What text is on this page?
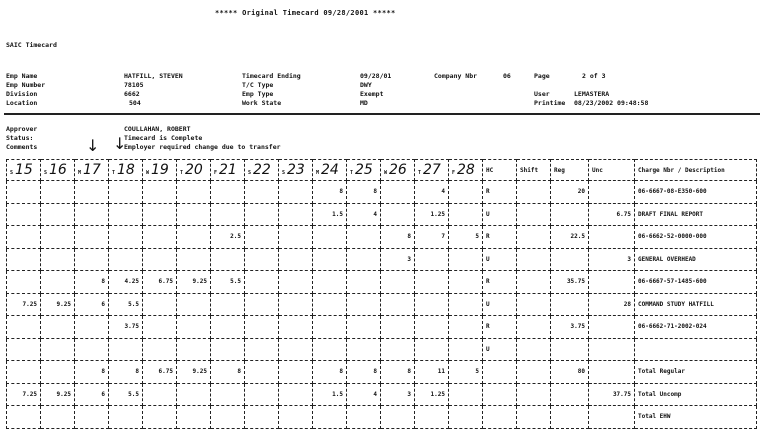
***** Original Timecard 09/28/2001 *****
SAIC Timecard
Emp Name	HATFILL, STEVEN
Emp Number	78105
Division	6662
Location	504
Timecard Ending	09/28/01
T/C Type	DWY
Emp Type	Exempt
Work State	MD
Company Nbr	06	Page	2 of 3
User	LEMASTERA
Printime 08/23/2002 09:48:58
Approver	COULLAHAN, ROBERT
Status:	Timecard is Complete
Comments	Employer required change due to transfer
↓ ↓
S 15	S 16	M 17	T 18	W 19	T 20	F 21	S 22	S 23	M 24	T 25	W 26	T 27	F 28	HC	Shift	Reg	Unc	Charge Nbr / Description
									8	8		4		R		20		06-6667-08-E350-600
									1.5	4		1.25		U			6.75	DRAFT FINAL REPORT
						2.5					8	7	5	R		22.5		06-6662-52-0000-000
											3			U			3	GENERAL OVERHEAD
		8	4.25	6.75	9.25	5.5								R		35.75		06-6667-57-1485-600
7.25	9.25	6	5.5											U			28	COMMAND STUDY HATFILL
			3.75											R		3.75		06-6662-71-2002-024
														U				
		8	8	6.75	9.25	8			8	8	8	11	5			80		Total Regular
7.25	9.25	6	5.5						1.5	4	3	1.25					37.75	Total Uncomp
																		Total EHW
